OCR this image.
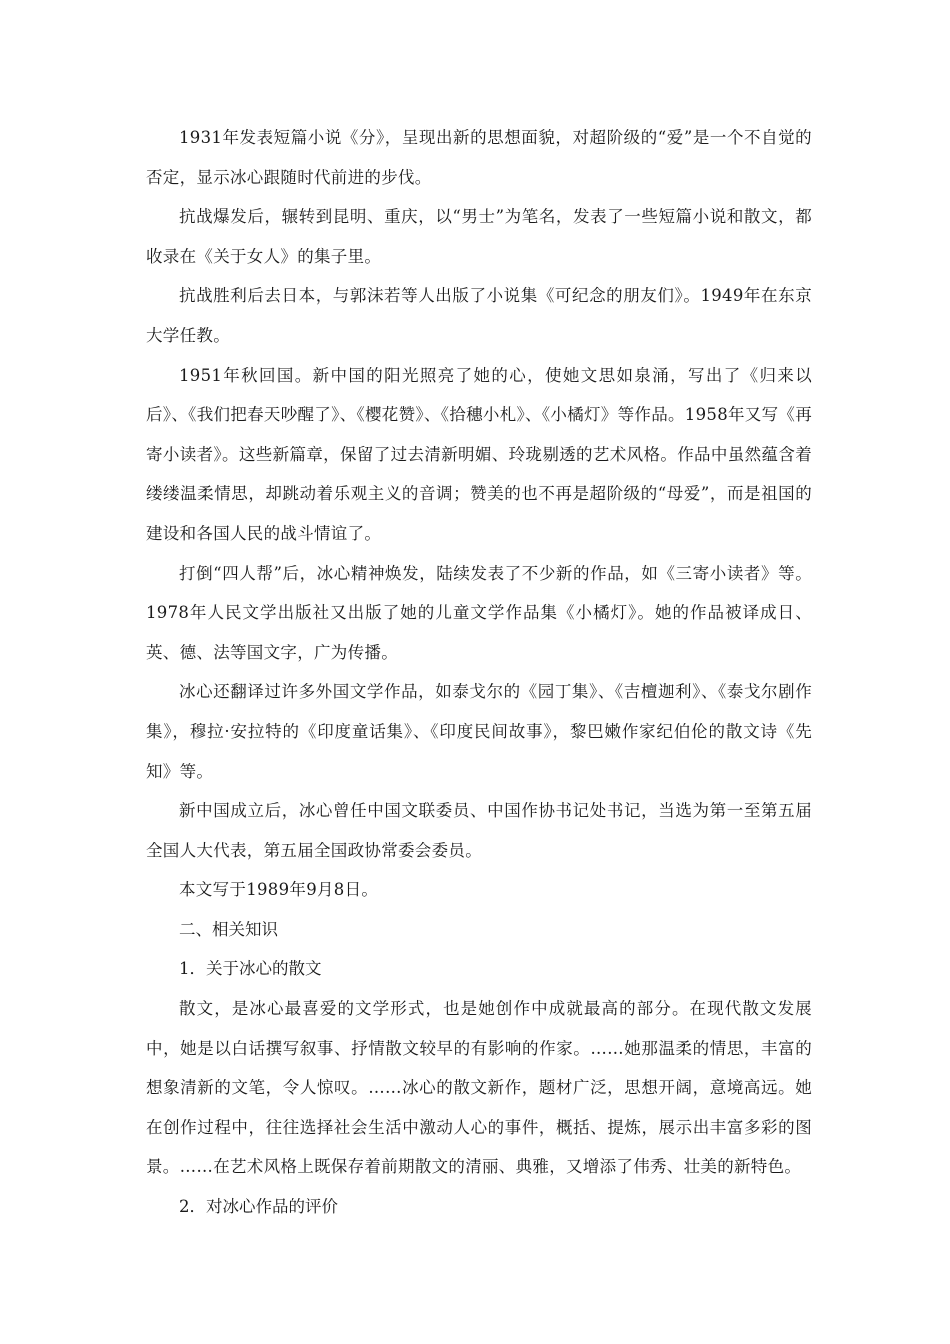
1931年发表短篇小说《分》，呈现出新的思想面貌，对超阶级的“爱”是一个不自觉的否定，显示冰心跟随时代前进的步伐。

抗战爆发后，辗转到昆明、重庆，以“男士”为笔名，发表了一些短篇小说和散文，都收录在《关于女人》的集子里。

抗战胜利后去日本，与郭沫若等人出版了小说集《可纪念的朋友们》。1949年在东京大学任教。

1951年秋回国。新中国的阳光照亮了她的心，使她文思如泉涌，写出了《归来以后》、《我们把春天吵醒了》、《樱花赞》、《拾穗小札》、《小橘灯》等作品。1958年又写《再寄小读者》。这些新篇章，保留了过去清新明媚、玲珑剔透的艺术风格。作品中虽然蕴含着缕缕温柔情思，却跳动着乐观主义的音调；赞美的也不再是超阶级的“母爱”，而是祖国的建设和各国人民的战斗情谊了。

打倒“四人帮”后，冰心精神焕发，陆续发表了不少新的作品，如《三寄小读者》等。1978年人民文学出版社又出版了她的儿童文学作品集《小橘灯》。她的作品被译成日、英、德、法等国文字，广为传播。

冰心还翻译过许多外国文学作品，如泰戈尔的《园丁集》、《吉檀迦利》、《泰戈尔剧作集》，穆拉·安拉特的《印度童话集》、《印度民间故事》，黎巴嫩作家纪伯伦的散文诗《先知》等。

新中国成立后，冰心曾任中国文联委员、中国作协书记处书记，当选为第一至第五届全国人大代表，第五届全国政协常委会委员。

本文写于1989年9月8日。

二、相关知识

1．关于冰心的散文

散文，是冰心最喜爱的文学形式，也是她创作中成就最高的部分。在现代散文发展中，她是以白话撰写叙事、抒情散文较早的有影响的作家。……她那温柔的情思，丰富的想象清新的文笔，令人惊叹。……冰心的散文新作，题材广泛，思想开阔，意境高远。她在创作过程中，往往选择社会生活中激动人心的事件，概括、提炼，展示出丰富多彩的图景。……在艺术风格上既保存着前期散文的清丽、典雅，又增添了伟秀、壮美的新特色。

2．对冰心作品的评价
